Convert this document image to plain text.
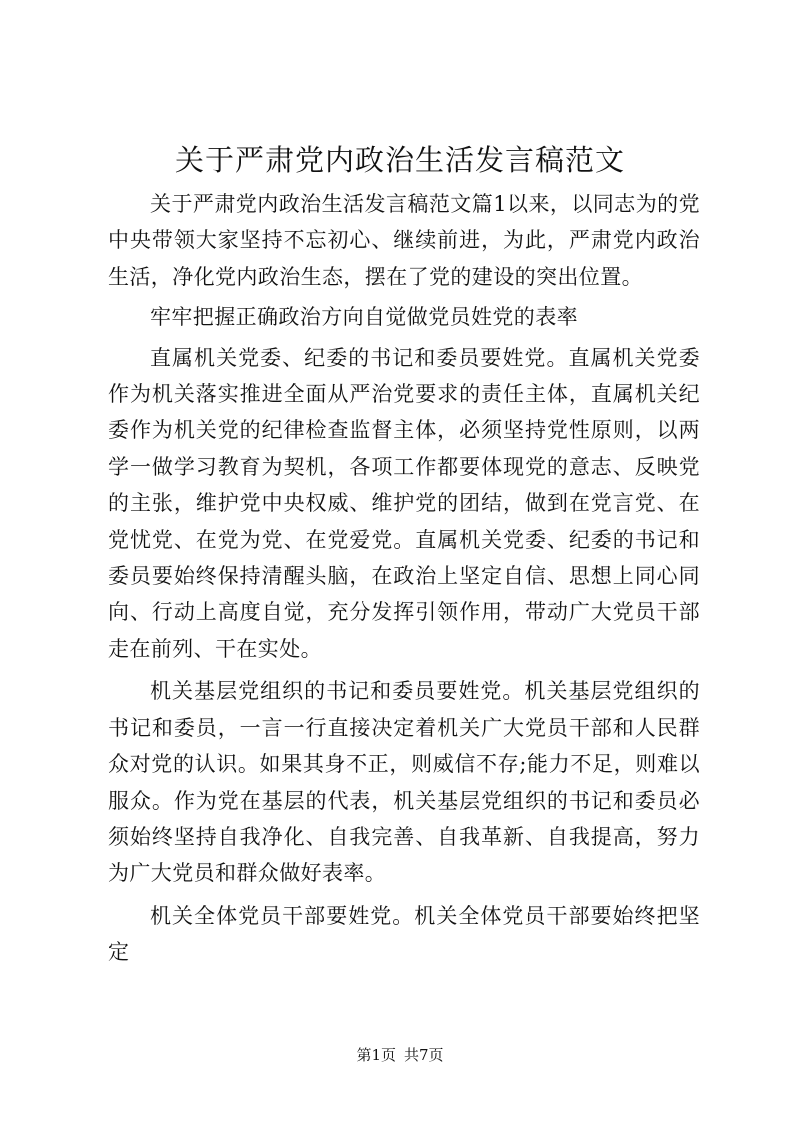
关于严肃党内政治生活发言稿范文

关于严肃党内政治生活发言稿范文篇1以来，以同志为的党中央带领大家坚持不忘初心、继续前进，为此，严肃党内政治生活，净化党内政治生态，摆在了党的建设的突出位置。

牢牢把握正确政治方向自觉做党员姓党的表率

直属机关党委、纪委的书记和委员要姓党。直属机关党委作为机关落实推进全面从严治党要求的责任主体，直属机关纪委作为机关党的纪律检查监督主体，必须坚持党性原则，以两学一做学习教育为契机，各项工作都要体现党的意志、反映党的主张，维护党中央权威、维护党的团结，做到在党言党、在党忧党、在党为党、在党爱党。直属机关党委、纪委的书记和委员要始终保持清醒头脑，在政治上坚定自信、思想上同心同向、行动上高度自觉，充分发挥引领作用，带动广大党员干部走在前列、干在实处。

机关基层党组织的书记和委员要姓党。机关基层党组织的书记和委员，一言一行直接决定着机关广大党员干部和人民群众对党的认识。如果其身不正，则威信不存;能力不足，则难以服众。作为党在基层的代表，机关基层党组织的书记和委员必须始终坚持自我净化、自我完善、自我革新、自我提高，努力为广大党员和群众做好表率。

机关全体党员干部要姓党。机关全体党员干部要始终把坚定

第1页 共7页
